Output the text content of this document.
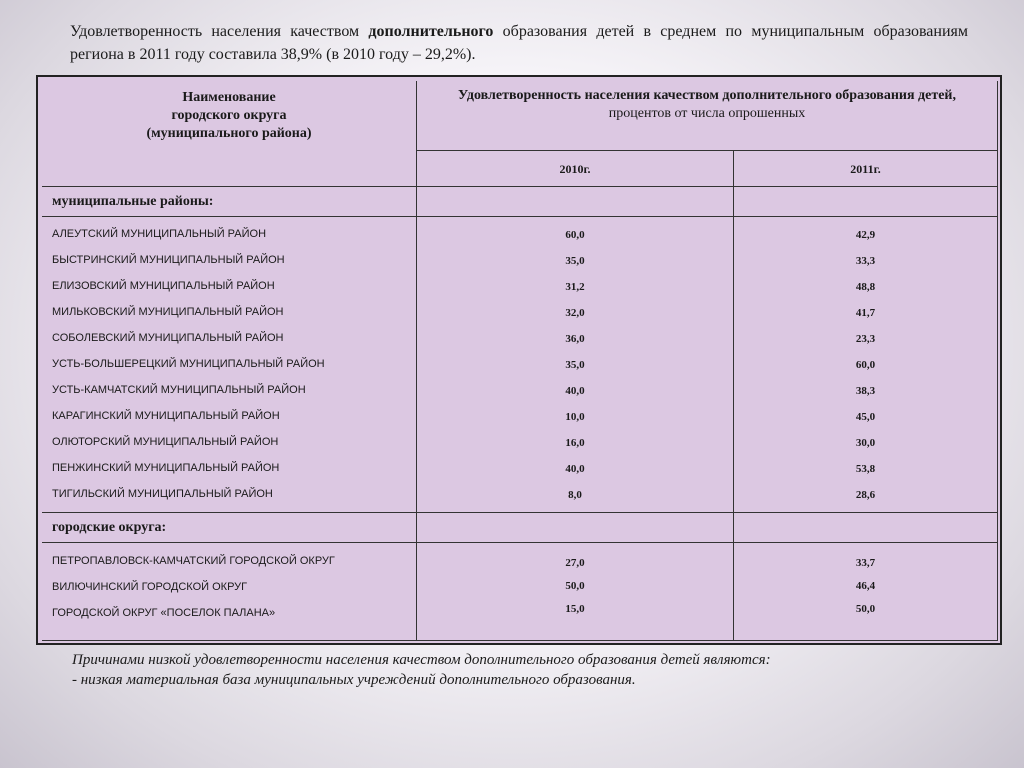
Удовлетворенность населения качеством дополнительного образования детей в среднем по муниципальным образованиям региона в 2011 году составила 38,9% (в 2010 году – 29,2%).
Наименование
городского округа
(муниципального района)
Удовлетворенность населения качеством дополнительного образования детей,
процентов от числа опрошенных
2010г.	2011г.
муниципальные районы:
АЛЕУТСКИЙ МУНИЦИПАЛЬНЫЙ РАЙОН
БЫСТРИНСКИЙ МУНИЦИПАЛЬНЫЙ РАЙОН
ЕЛИЗОВСКИЙ МУНИЦИПАЛЬНЫЙ РАЙОН
МИЛЬКОВСКИЙ МУНИЦИПАЛЬНЫЙ РАЙОН
СОБОЛЕВСКИЙ МУНИЦИПАЛЬНЫЙ РАЙОН
УСТЬ-БОЛЬШЕРЕЦКИЙ МУНИЦИПАЛЬНЫЙ РАЙОН
УСТЬ-КАМЧАТСКИЙ МУНИЦИПАЛЬНЫЙ РАЙОН
КАРАГИНСКИЙ МУНИЦИПАЛЬНЫЙ РАЙОН
ОЛЮТОРСКИЙ МУНИЦИПАЛЬНЫЙ РАЙОН
ПЕНЖИНСКИЙ МУНИЦИПАЛЬНЫЙ РАЙОН
ТИГИЛЬСКИЙ МУНИЦИПАЛЬНЫЙ РАЙОН
60,0
35,0
31,2
32,0
36,0
35,0
40,0
10,0
16,0
40,0
8,0
42,9
33,3
48,8
41,7
23,3
60,0
38,3
45,0
30,0
53,8
28,6
городские округа:
ПЕТРОПАВЛОВСК-КАМЧАТСКИЙ ГОРОДСКОЙ ОКРУГ
ВИЛЮЧИНСКИЙ ГОРОДСКОЙ ОКРУГ
ГОРОДСКОЙ ОКРУГ «ПОСЕЛОК ПАЛАНА»
27,0
50,0
15,0
33,7
46,4
50,0
Причинами низкой удовлетворенности населения качеством дополнительного образования детей являются:
- низкая материальная база муниципальных учреждений дополнительного образования.
